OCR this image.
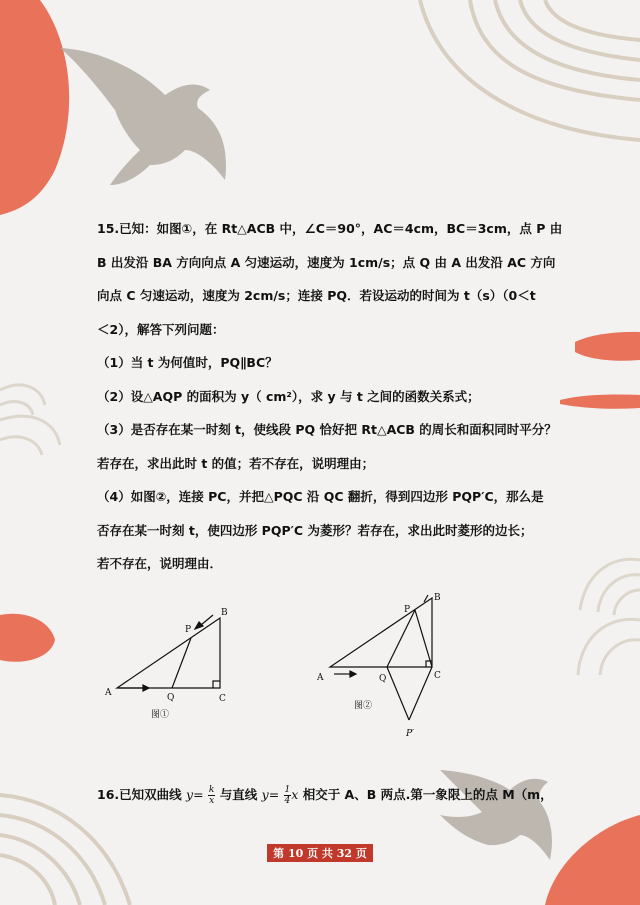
15.已知：如图①，在 Rt△ACB 中，∠C＝90°，AC＝4cm，BC＝3cm，点 P 由
B 出发沿 BA 方向向点 A 匀速运动，速度为 1cm/s；点 Q 由 A 出发沿 AC 方向
向点 C 匀速运动，速度为 2cm/s；连接 PQ．若设运动的时间为 t（s）（0＜t
＜2），解答下列问题：
（1）当 t 为何值时，PQ∥BC？
（2）设△AQP 的面积为 y（ cm²），求 y 与 t 之间的函数关系式；
（3）是否存在某一时刻 t，使线段 PQ 恰好把 Rt△ACB 的周长和面积同时平分？
若存在，求出此时 t 的值；若不存在，说明理由；
（4）如图②，连接 PC，并把△PQC 沿 QC 翻折，得到四边形 PQP′C，那么是
否存在某一时刻 t，使四边形 PQP′C 为菱形？若存在，求出此时菱形的边长；
若不存在，说明理由．
A
B
C
P
Q
图①
A
B
C
P
Q
P′
图②
16.已知双曲线 $y= \frac{k}{x}$ 与直线 $y= \frac{1}{4}$ x 相交于 A、B 两点.第一象限上的点 M（m，
第 10 页 共 32 页
